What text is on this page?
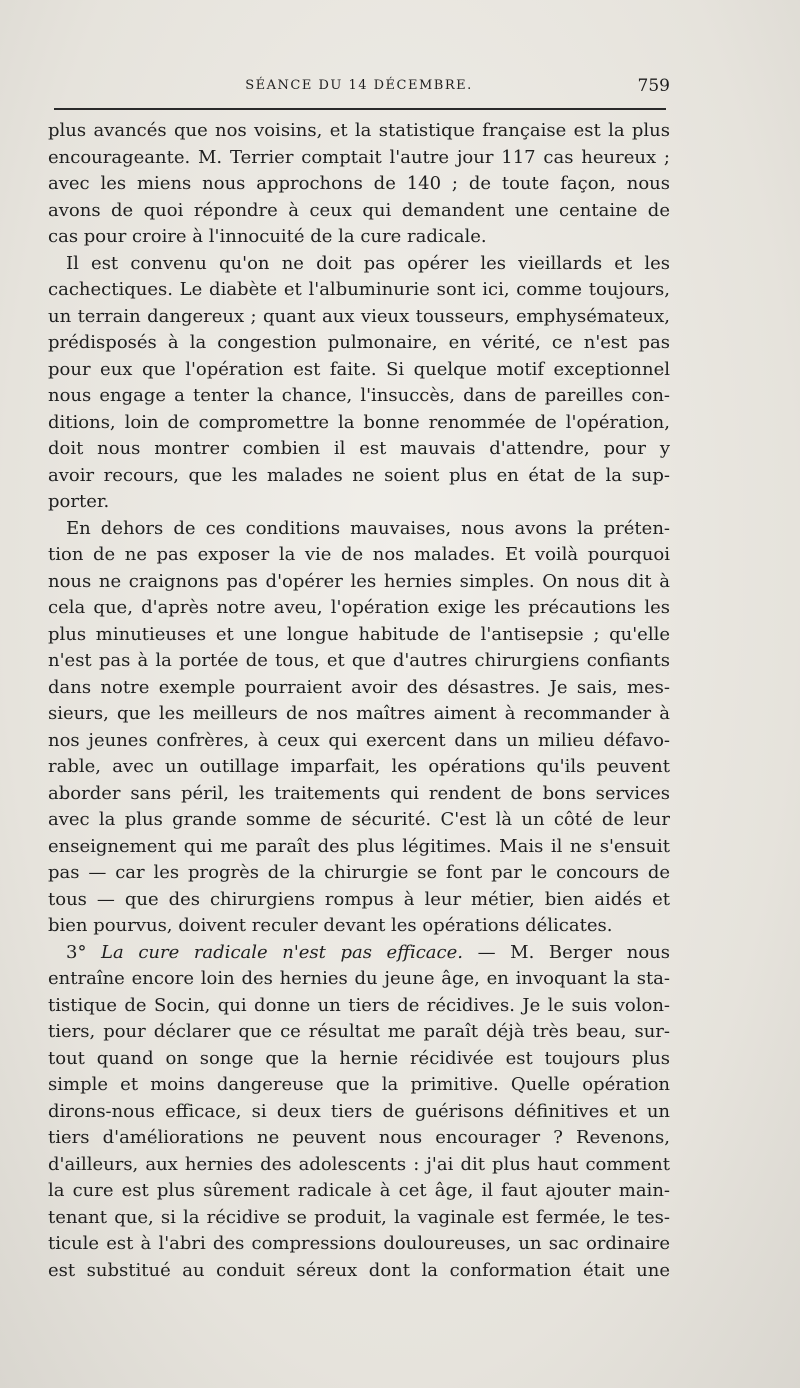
SÉANCE DU 14 DÉCEMBRE.	759
plus avancés que nos voisins, et la statistique française est la plus
encourageante. M. Terrier comptait l'autre jour 117 cas heureux ;
avec les miens nous approchons de 140 ; de toute façon, nous
avons de quoi répondre à ceux qui demandent une centaine de
cas pour croire à l'innocuité de la cure radicale.
Il est convenu qu'on ne doit pas opérer les vieillards et les
cachectiques. Le diabète et l'albuminurie sont ici, comme toujours,
un terrain dangereux ; quant aux vieux tousseurs, emphysémateux,
prédisposés à la congestion pulmonaire, en vérité, ce n'est pas
pour eux que l'opération est faite. Si quelque motif exceptionnel
nous engage a tenter la chance, l'insuccès, dans de pareilles con-
ditions, loin de compromettre la bonne renommée de l'opération,
doit nous montrer combien il est mauvais d'attendre, pour y
avoir recours, que les malades ne soient plus en état de la sup-
porter.
En dehors de ces conditions mauvaises, nous avons la préten-
tion de ne pas exposer la vie de nos malades. Et voilà pourquoi
nous ne craignons pas d'opérer les hernies simples. On nous dit à
cela que, d'après notre aveu, l'opération exige les précautions les
plus minutieuses et une longue habitude de l'antisepsie ; qu'elle
n'est pas à la portée de tous, et que d'autres chirurgiens confiants
dans notre exemple pourraient avoir des désastres. Je sais, mes-
sieurs, que les meilleurs de nos maîtres aiment à recommander à
nos jeunes confrères, à ceux qui exercent dans un milieu défavo-
rable, avec un outillage imparfait, les opérations qu'ils peuvent
aborder sans péril, les traitements qui rendent de bons services
avec la plus grande somme de sécurité. C'est là un côté de leur
enseignement qui me paraît des plus légitimes. Mais il ne s'ensuit
pas — car les progrès de la chirurgie se font par le concours de
tous — que des chirurgiens rompus à leur métier, bien aidés et
bien pourvus, doivent reculer devant les opérations délicates.
3° La cure radicale n'est pas efficace. — M. Berger nous
entraîne encore loin des hernies du jeune âge, en invoquant la sta-
tistique de Socin, qui donne un tiers de récidives. Je le suis volon-
tiers, pour déclarer que ce résultat me paraît déjà très beau, sur-
tout quand on songe que la hernie récidivée est toujours plus
simple et moins dangereuse que la primitive. Quelle opération
dirons-nous efficace, si deux tiers de guérisons définitives et un
tiers d'améliorations ne peuvent nous encourager ? Revenons,
d'ailleurs, aux hernies des adolescents : j'ai dit plus haut comment
la cure est plus sûrement radicale à cet âge, il faut ajouter main-
tenant que, si la récidive se produit, la vaginale est fermée, le tes-
ticule est à l'abri des compressions douloureuses, un sac ordinaire
est substitué au conduit séreux dont la conformation était une
